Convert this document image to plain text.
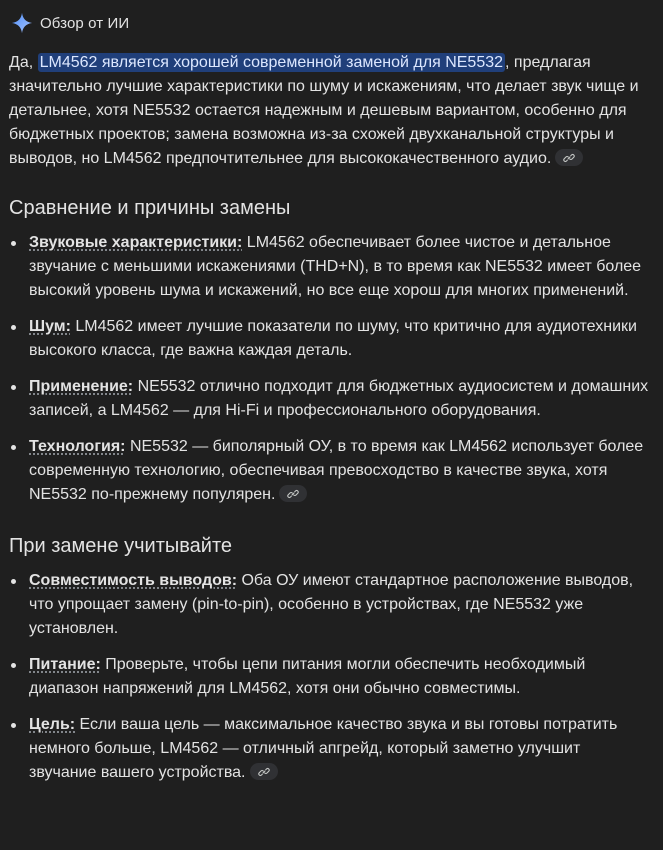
Обзор от ИИ

Да, LM4562 является хорошей современной заменой для NE5532 , предлагая значительно лучшие характеристики по шуму и искажениям, что делает звук чище и детальнее, хотя NE5532 остается надежным и дешевым вариантом, особенно для бюджетных проектов; замена возможна из-за схожей двухканальной структуры и выводов, но LM4562 предпочтительнее для высококачественного аудио.

Сравнение и причины замены
Звуковые характеристики: LM4562 обеспечивает более чистое и детальное звучание с меньшими искажениями (THD+N), в то время как NE5532 имеет более высокий уровень шума и искажений, но все еще хорош для многих применений.
Шум: LM4562 имеет лучшие показатели по шуму, что критично для аудиотехники высокого класса, где важна каждая деталь.
Применение: NE5532 отлично подходит для бюджетных аудиосистем и домашних записей, а LM4562 — для Hi-Fi и профессионального оборудования.
Технология: NE5532 — биполярный ОУ, в то время как LM4562 использует более современную технологию, обеспечивая превосходство в качестве звука, хотя NE5532 по-прежнему популярен.
При замене учитывайте
Совместимость выводов: Оба ОУ имеют стандартное расположение выводов, что упрощает замену (pin-to-pin), особенно в устройствах, где NE5532 уже установлен.
Питание: Проверьте, чтобы цепи питания могли обеспечить необходимый диапазон напряжений для LM4562, хотя они обычно совместимы.
Цель: Если ваша цель — максимальное качество звука и вы готовы потратить немного больше, LM4562 — отличный апгрейд, который заметно улучшит звучание вашего устройства.
